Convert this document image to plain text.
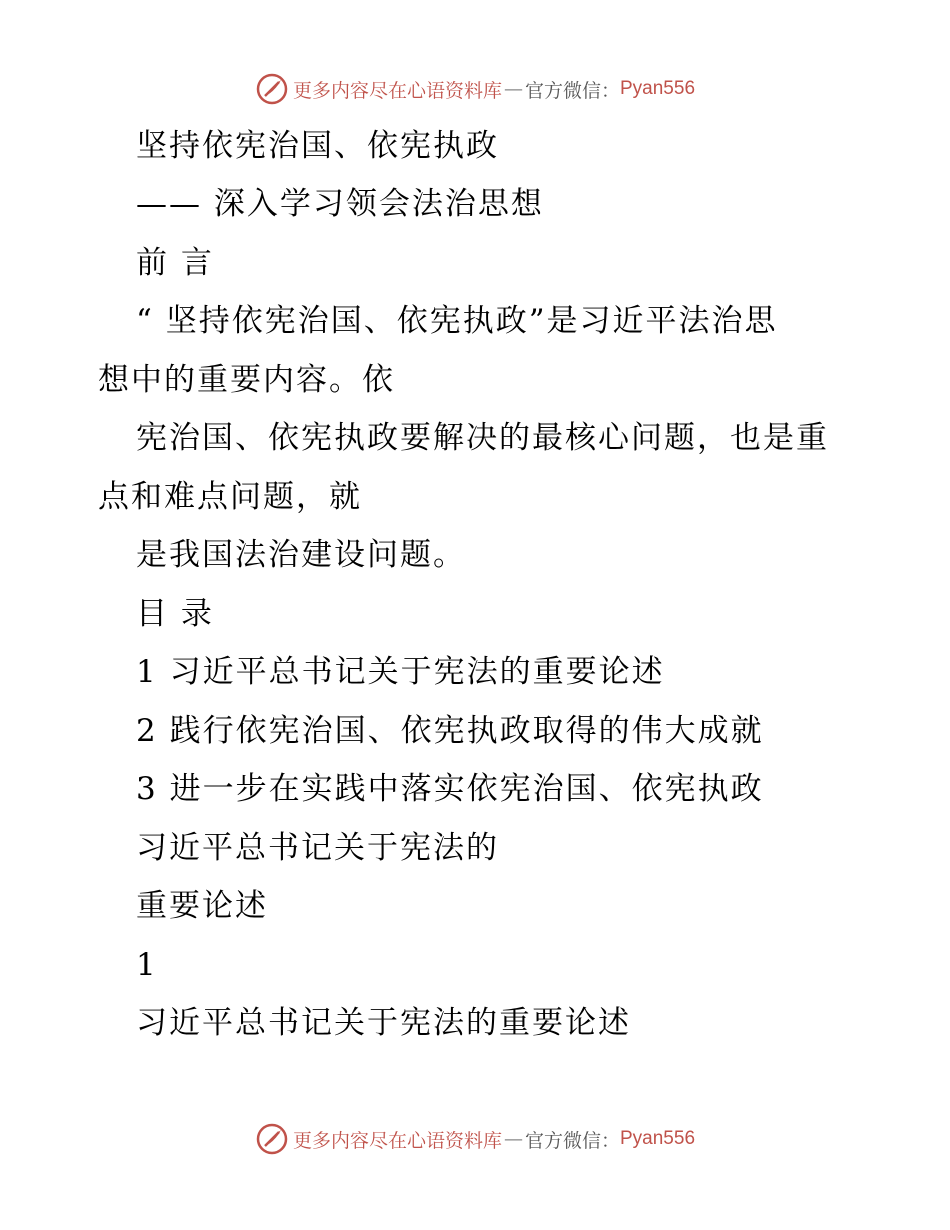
更多内容尽在心语资料库 — 官方微信： Pyan556
坚持依宪治国、依宪执政
—— 深入学习领会法治思想
前 言
“ 坚持依宪治国、依宪执政”是习近平法治思
想中的重要内容。依
宪治国、依宪执政要解决的最核心问题，也是重
点和难点问题，就
是我国法治建设问题。
目 录
1 习近平总书记关于宪法的重要论述
2 践行依宪治国、依宪执政取得的伟大成就
3 进一步在实践中落实依宪治国、依宪执政
习近平总书记关于宪法的
重要论述
1
习近平总书记关于宪法的重要论述
更多内容尽在心语资料库 — 官方微信： Pyan556
